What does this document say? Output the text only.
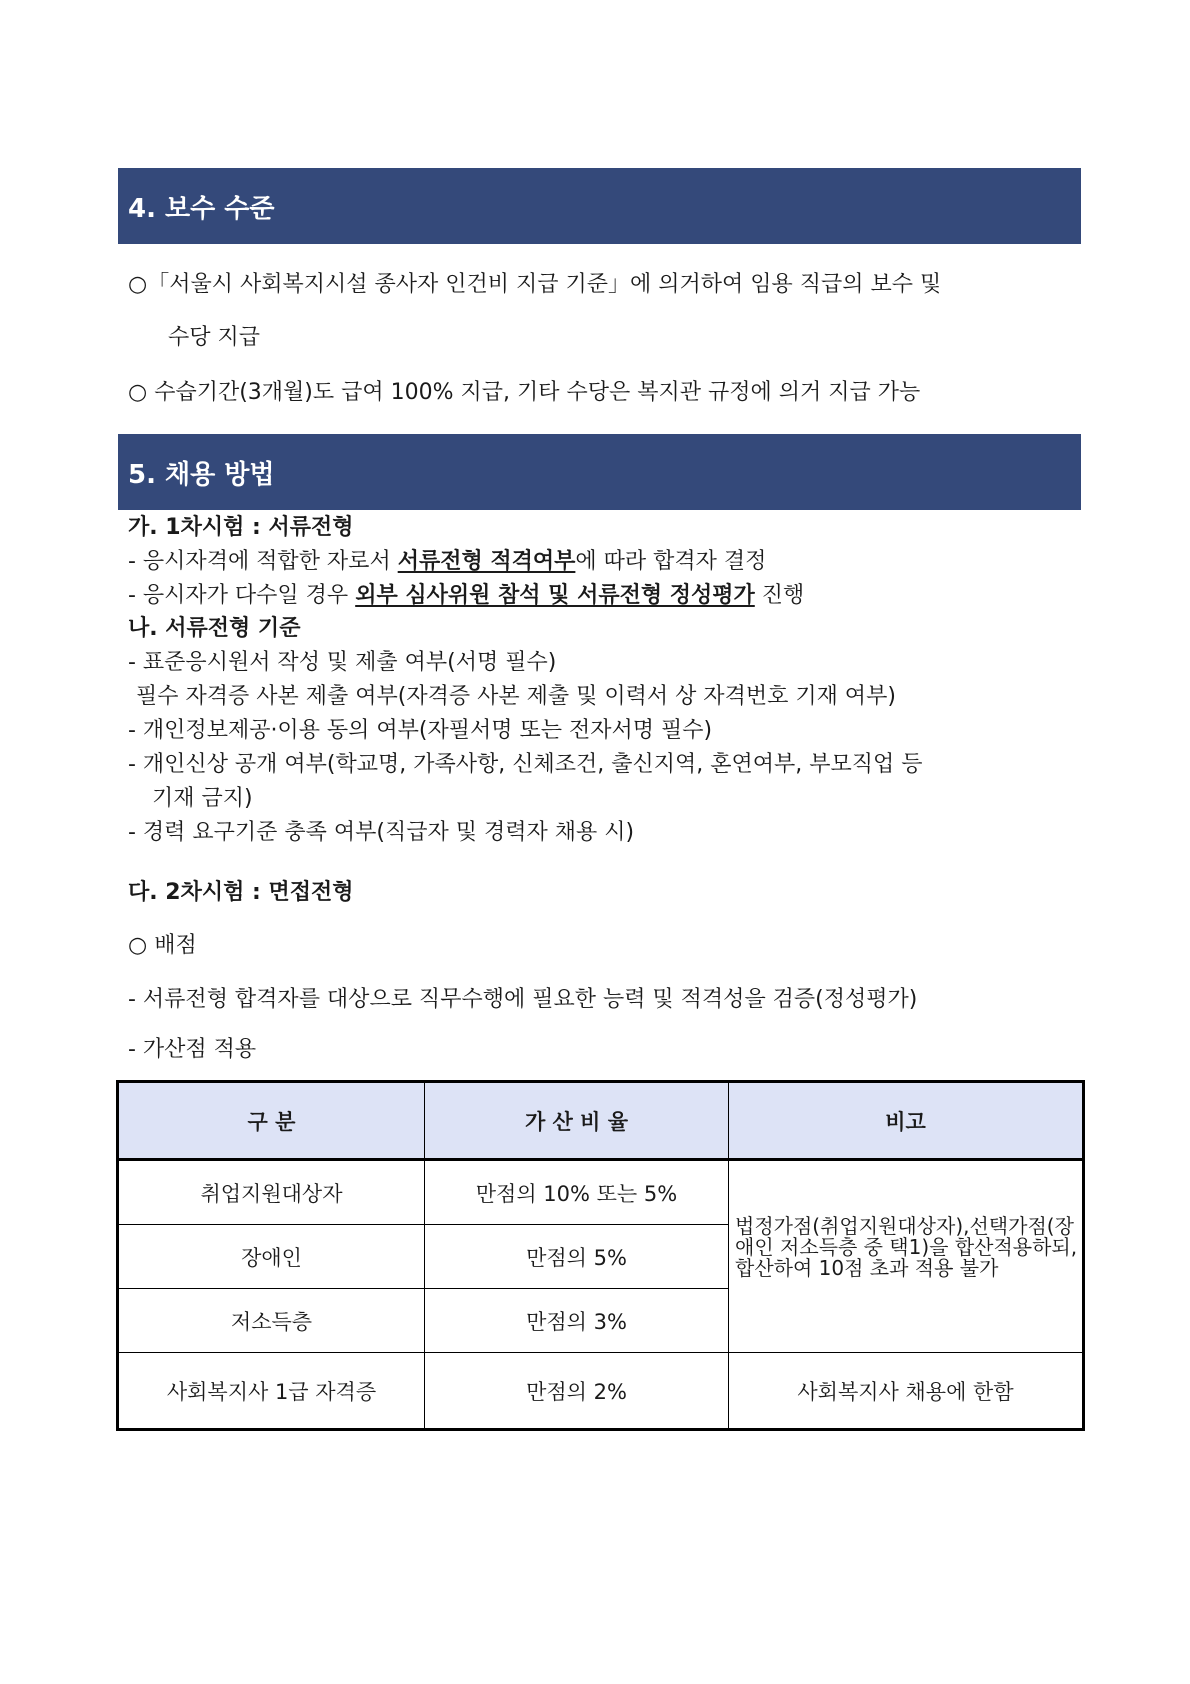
4. 보수 수준
○「서울시 사회복지시설 종사자 인건비 지급 기준」에 의거하여 임용 직급의 보수 및
수당 지급
○ 수습기간(3개월)도 급여 100% 지급, 기타 수당은 복지관 규정에 의거 지급 가능
5. 채용 방법
가. 1차시험 : 서류전형
- 응시자격에 적합한 자로서 서류전형 적격여부에 따라 합격자 결정
- 응시자가 다수일 경우 외부 심사위원 참석 및 서류전형 정성평가 진행
나. 서류전형 기준
- 표준응시원서 작성 및 제출 여부(서명 필수)
필수 자격증 사본 제출 여부(자격증 사본 제출 및 이력서 상 자격번호 기재 여부)
- 개인정보제공·이용 동의 여부(자필서명 또는 전자서명 필수)
- 개인신상 공개 여부(학교명, 가족사항, 신체조건, 출신지역, 혼연여부, 부모직업 등
기재 금지)
- 경력 요구기준 충족 여부(직급자 및 경력자 채용 시)
다. 2차시험 : 면접전형
○ 배점
- 서류전형 합격자를 대상으로 직무수행에 필요한 능력 및 적격성을 검증(정성평가)
- 가산점 적용
구 분	가 산 비 율	비고
취업지원대상자	만점의 10% 또는 5%	법정가점(취업지원대상자),선택가점(장애인 저소득층 중 택1)을 합산적용하되, 합산하여 10점 초과 적용 불가
장애인	만점의 5%	
저소득층	만점의 3%	
사회복지사 1급 자격증	만점의 2%	사회복지사 채용에 한함
